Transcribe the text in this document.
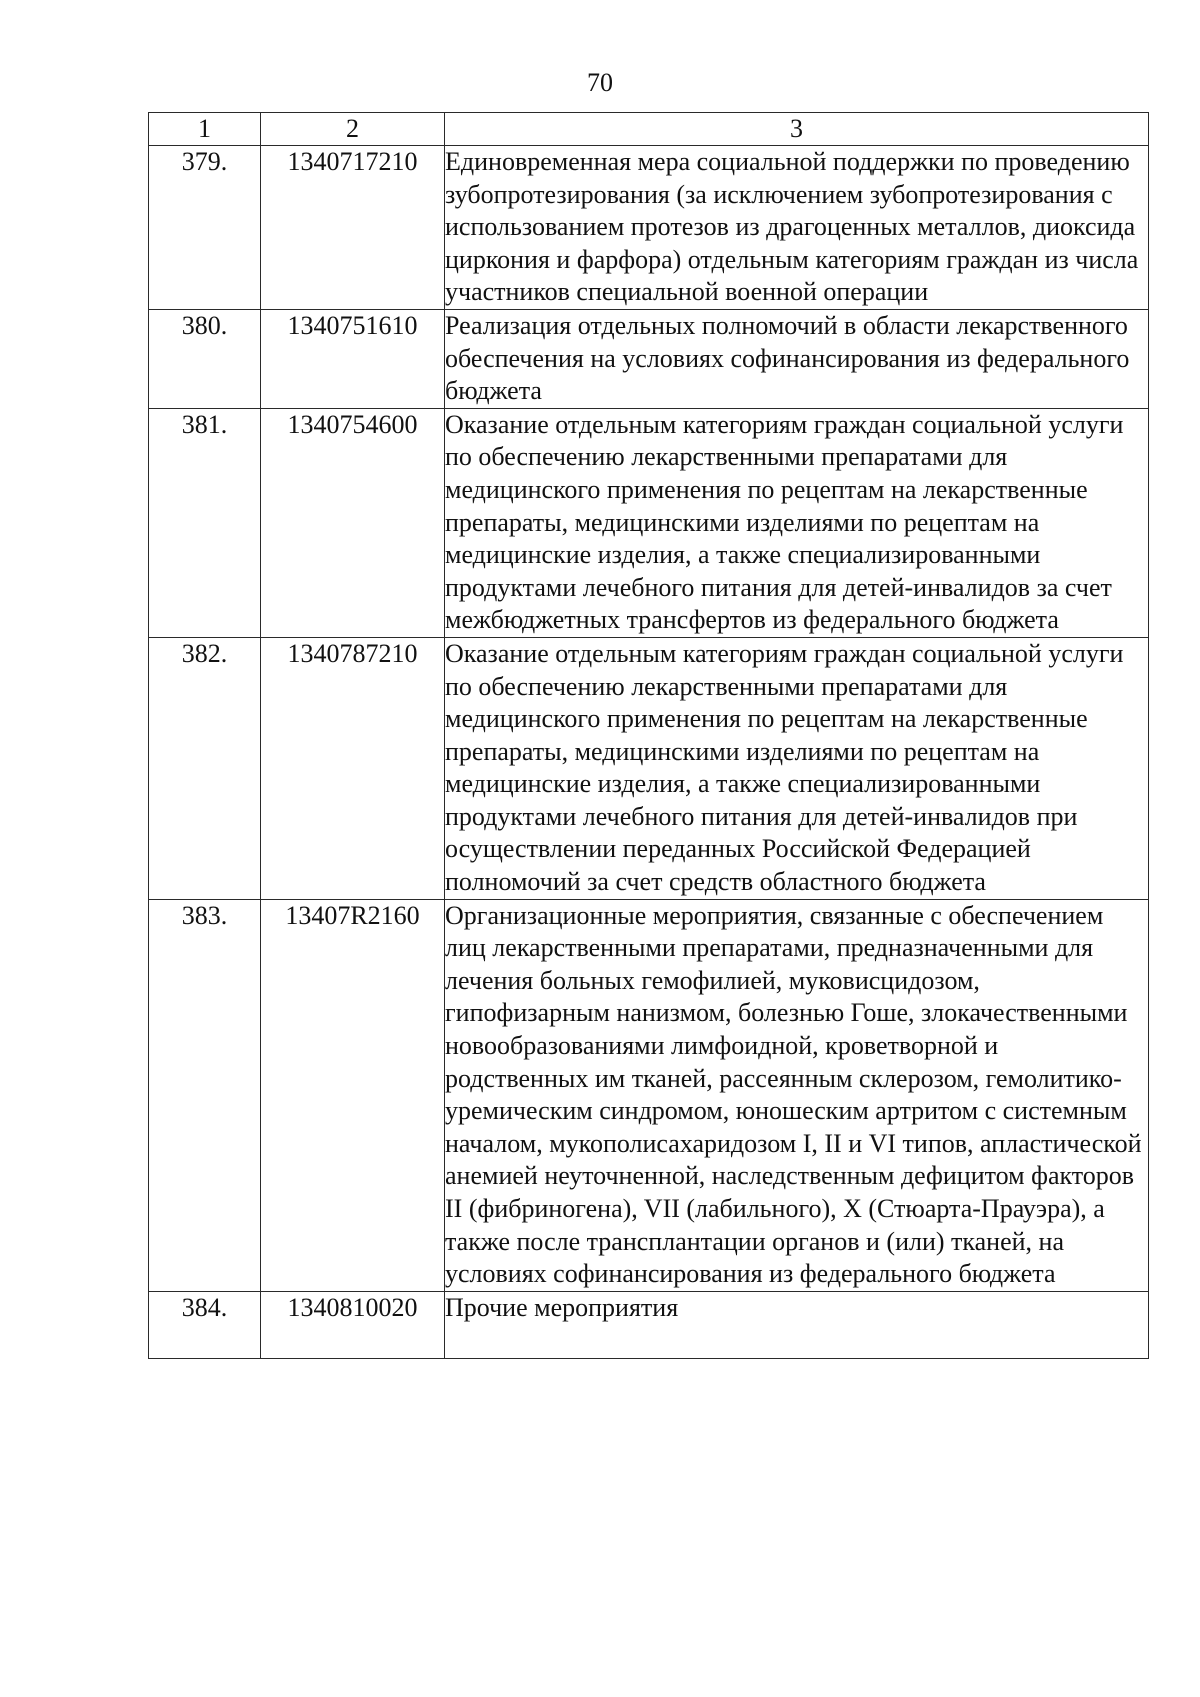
70
1	2	3
379.	1340717210	Единовременная мера социальной поддержки по проведению зубопротезирования (за исключением зубопротезирования с использованием протезов из драгоценных металлов, диоксида циркония и фарфора) отдельным категориям граждан из числа участников специальной военной операции
380.	1340751610	Реализация отдельных полномочий в области лекарственного обеспечения на условиях софинансирования из федерального бюджета
381.	1340754600	Оказание отдельным категориям граждан социальной услуги по обеспечению лекарственными препаратами для медицинского применения по рецептам на лекарственные препараты, медицинскими изделиями по рецептам на медицинские изделия, а также специализированными продуктами лечебного питания для детей-инвалидов за счет межбюджетных трансфертов из федерального бюджета
382.	1340787210	Оказание отдельным категориям граждан социальной услуги по обеспечению лекарственными препаратами для медицинского применения по рецептам на лекарственные препараты, медицинскими изделиями по рецептам на медицинские изделия, а также специализированными продуктами лечебного питания для детей-инвалидов при осуществлении переданных Российской Федерацией полномочий за счет средств областного бюджета
383.	13407R2160	Организационные мероприятия, связанные с обеспечением лиц лекарственными препаратами, предназначенными для лечения больных гемофилией, муковисцидозом, гипофизарным нанизмом, болезнью Гоше, злокачественными новообразованиями лимфоидной, кроветворной и родственных им тканей, рассеянным склерозом, гемолитико-уремическим синдромом, юношеским артритом с системным началом, мукополисахаридозом I, II и VI типов, апластической анемией неуточненной, наследственным дефицитом факторов II (фибриногена), VII (лабильного), X (Стюарта-Прауэра), а также после трансплантации органов и (или) тканей, на условиях софинансирования из федерального бюджета
384.	1340810020	Прочие мероприятия
